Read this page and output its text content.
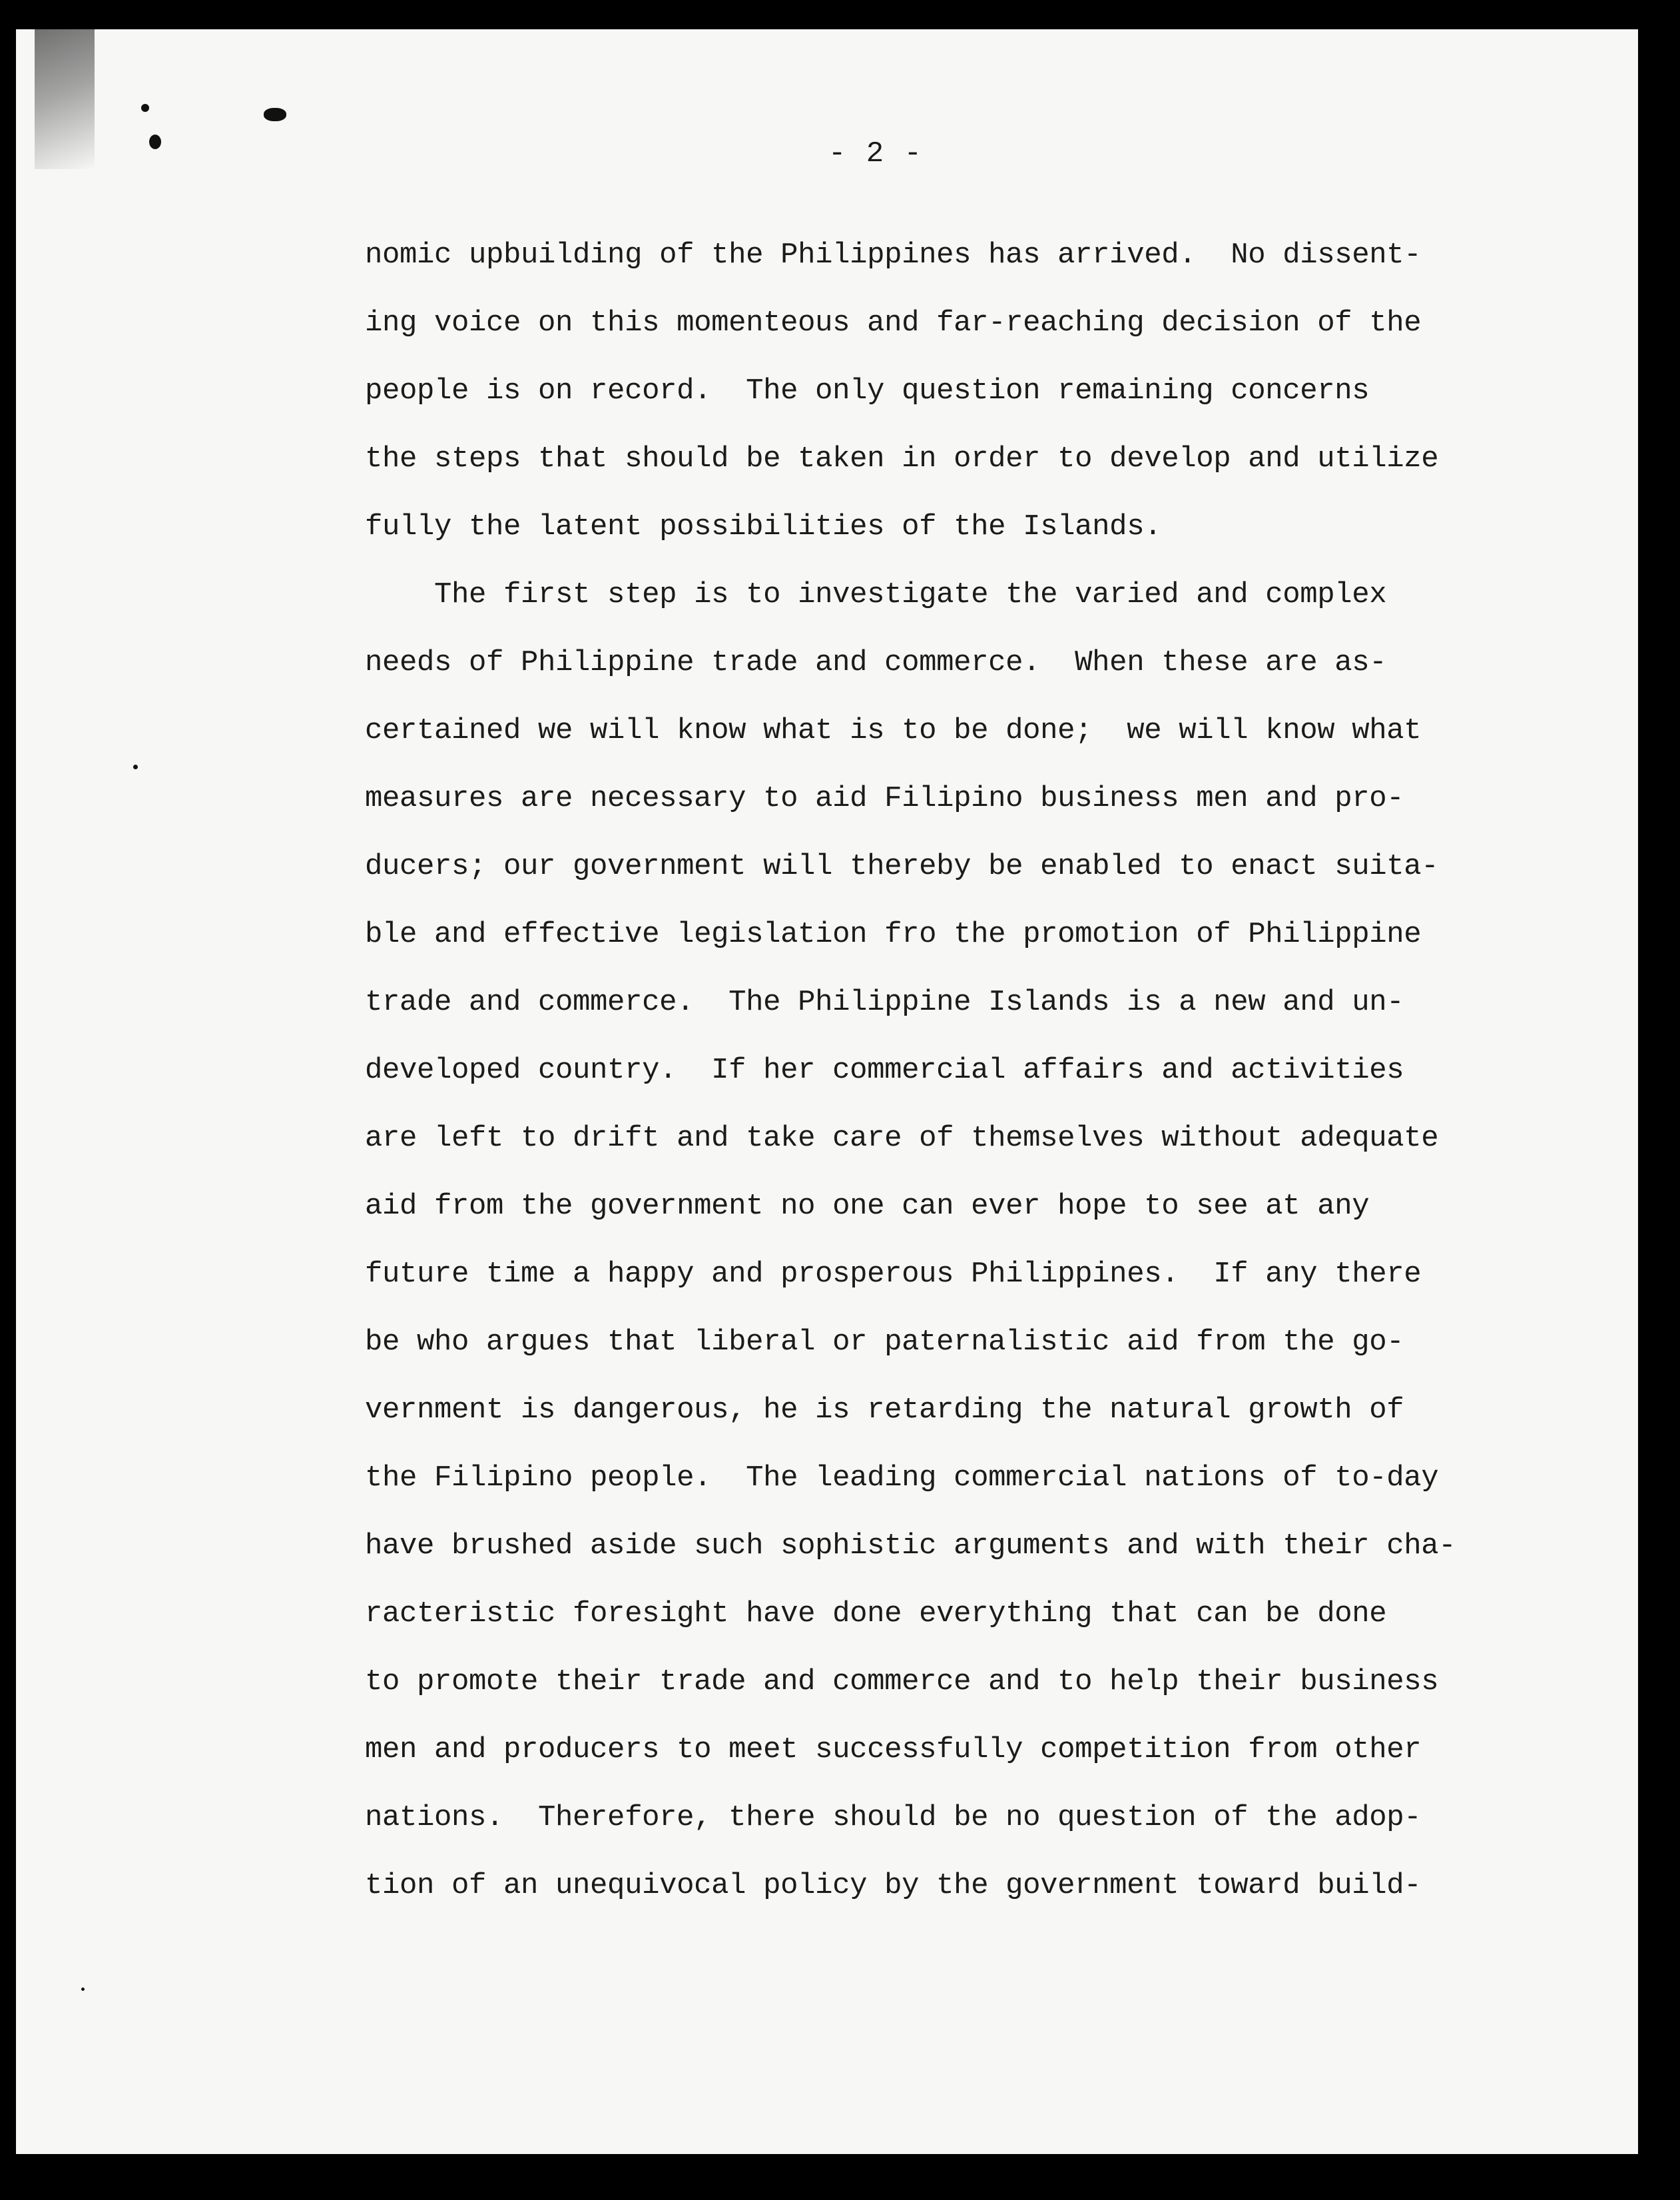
- 2 -
nomic upbuilding of the Philippines has arrived.  No dissent-
ing voice on this momenteous and far-reaching decision of the
people is on record.  The only question remaining concerns
the steps that should be taken in order to develop and utilize
fully the latent possibilities of the Islands.
The first step is to investigate the varied and complex
needs of Philippine trade and commerce.  When these are as-
certained we will know what is to be done;  we will know what
measures are necessary to aid Filipino business men and pro-
ducers; our government will thereby be enabled to enact suita-
ble and effective legislation fro the promotion of Philippine
trade and commerce.  The Philippine Islands is a new and un-
developed country.  If her commercial affairs and activities
are left to drift and take care of themselves without adequate
aid from the government no one can ever hope to see at any
future time a happy and prosperous Philippines.  If any there
be who argues that liberal or paternalistic aid from the go-
vernment is dangerous, he is retarding the natural growth of
the Filipino people.  The leading commercial nations of to-day
have brushed aside such sophistic arguments and with their cha-
racteristic foresight have done everything that can be done
to promote their trade and commerce and to help their business
men and producers to meet successfully competition from other
nations.  Therefore, there should be no question of the adop-
tion of an unequivocal policy by the government toward build-
